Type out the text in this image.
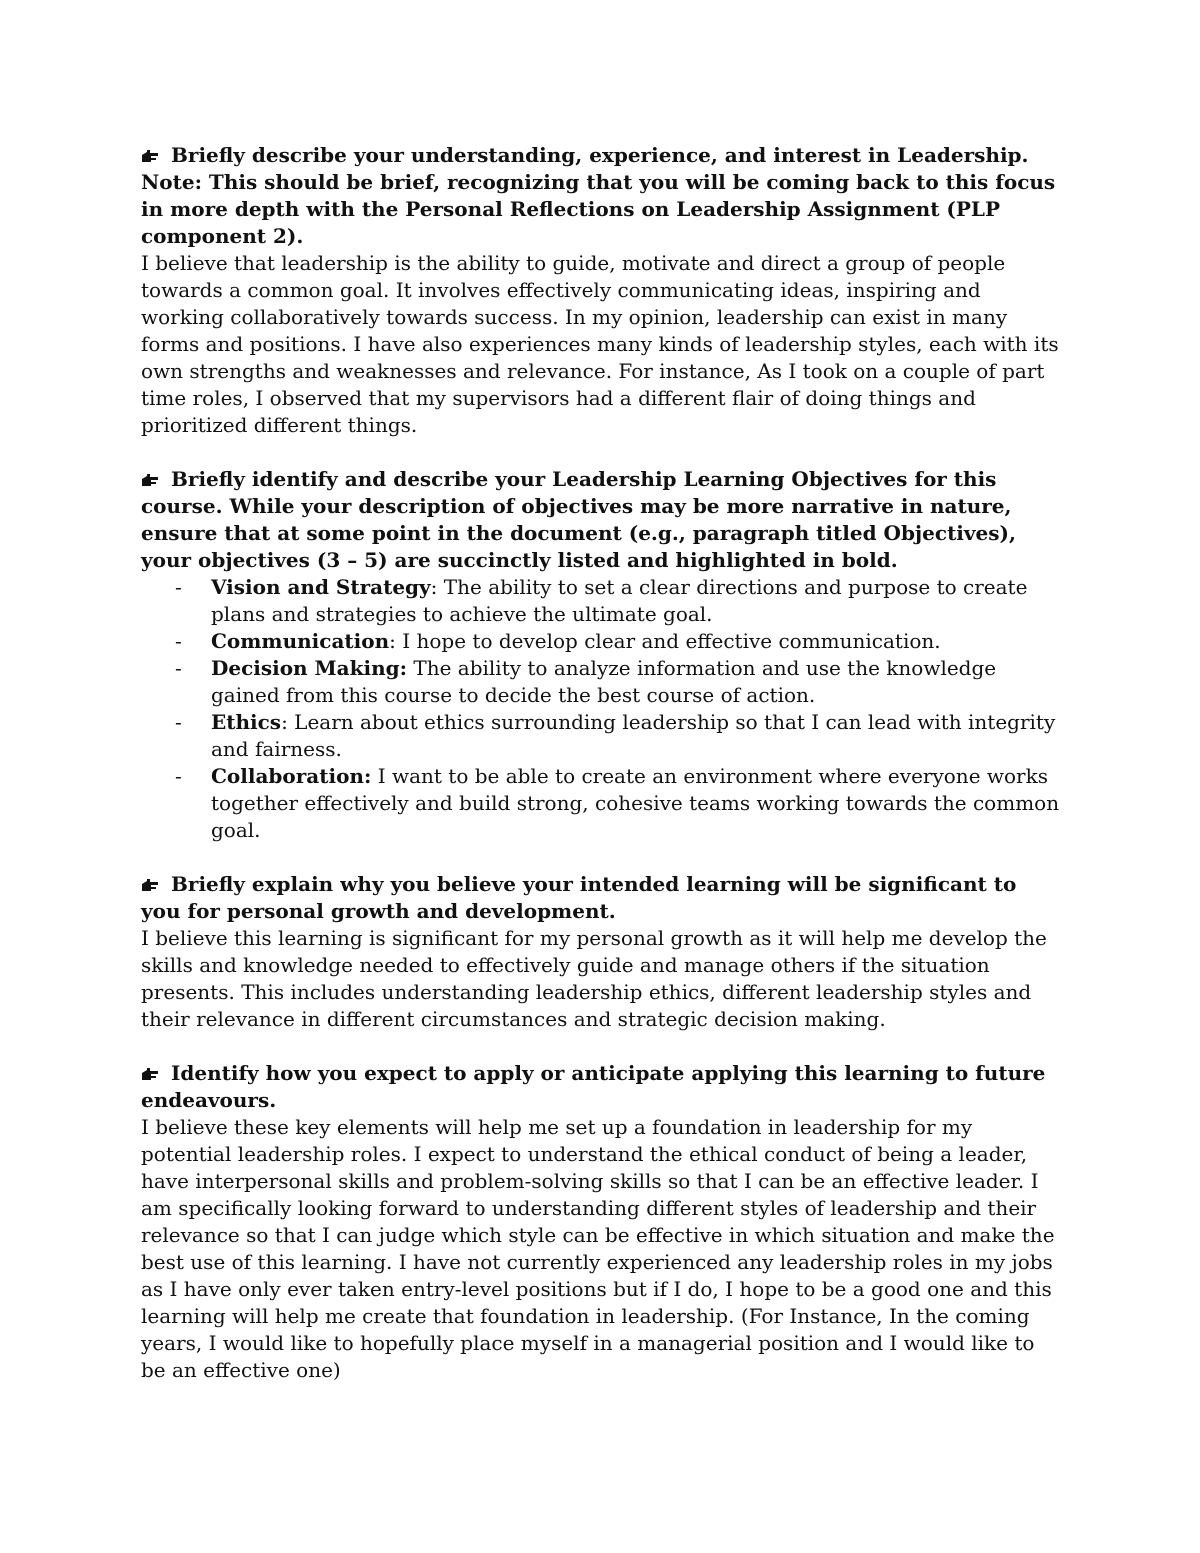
Briefly describe your understanding, experience, and interest in Leadership. Note: This should be brief, recognizing that you will be coming back to this focus in more depth with the Personal Reflections on Leadership Assignment (PLP component 2).

I believe that leadership is the ability to guide, motivate and direct a group of people towards a common goal. It involves effectively communicating ideas, inspiring and working collaboratively towards success. In my opinion, leadership can exist in many forms and positions. I have also experiences many kinds of leadership styles, each with its own strengths and weaknesses and relevance. For instance, As I took on a couple of part time roles, I observed that my supervisors had a different flair of doing things and prioritized different things.

Briefly identify and describe your Leadership Learning Objectives for this course. While your description of objectives may be more narrative in nature, ensure that at some point in the document (e.g., paragraph titled Objectives), your objectives (3 – 5) are succinctly listed and highlighted in bold.

- Vision and Strategy: The ability to set a clear directions and purpose to create plans and strategies to achieve the ultimate goal.
- Communication: I hope to develop clear and effective communication.
- Decision Making: The ability to analyze information and use the knowledge gained from this course to decide the best course of action.
- Ethics: Learn about ethics surrounding leadership so that I can lead with integrity and fairness.
- Collaboration: I want to be able to create an environment where everyone works together effectively and build strong, cohesive teams working towards the common goal.

Briefly explain why you believe your intended learning will be significant to you for personal growth and development.

I believe this learning is significant for my personal growth as it will help me develop the skills and knowledge needed to effectively guide and manage others if the situation presents. This includes understanding leadership ethics, different leadership styles and their relevance in different circumstances and strategic decision making.

Identify how you expect to apply or anticipate applying this learning to future endeavours.

I believe these key elements will help me set up a foundation in leadership for my potential leadership roles. I expect to understand the ethical conduct of being a leader, have interpersonal skills and problem-solving skills so that I can be an effective leader. I am specifically looking forward to understanding different styles of leadership and their relevance so that I can judge which style can be effective in which situation and make the best use of this learning. I have not currently experienced any leadership roles in my jobs as I have only ever taken entry-level positions but if I do, I hope to be a good one and this learning will help me create that foundation in leadership. (For Instance, In the coming years, I would like to hopefully place myself in a managerial position and I would like to be an effective one)
